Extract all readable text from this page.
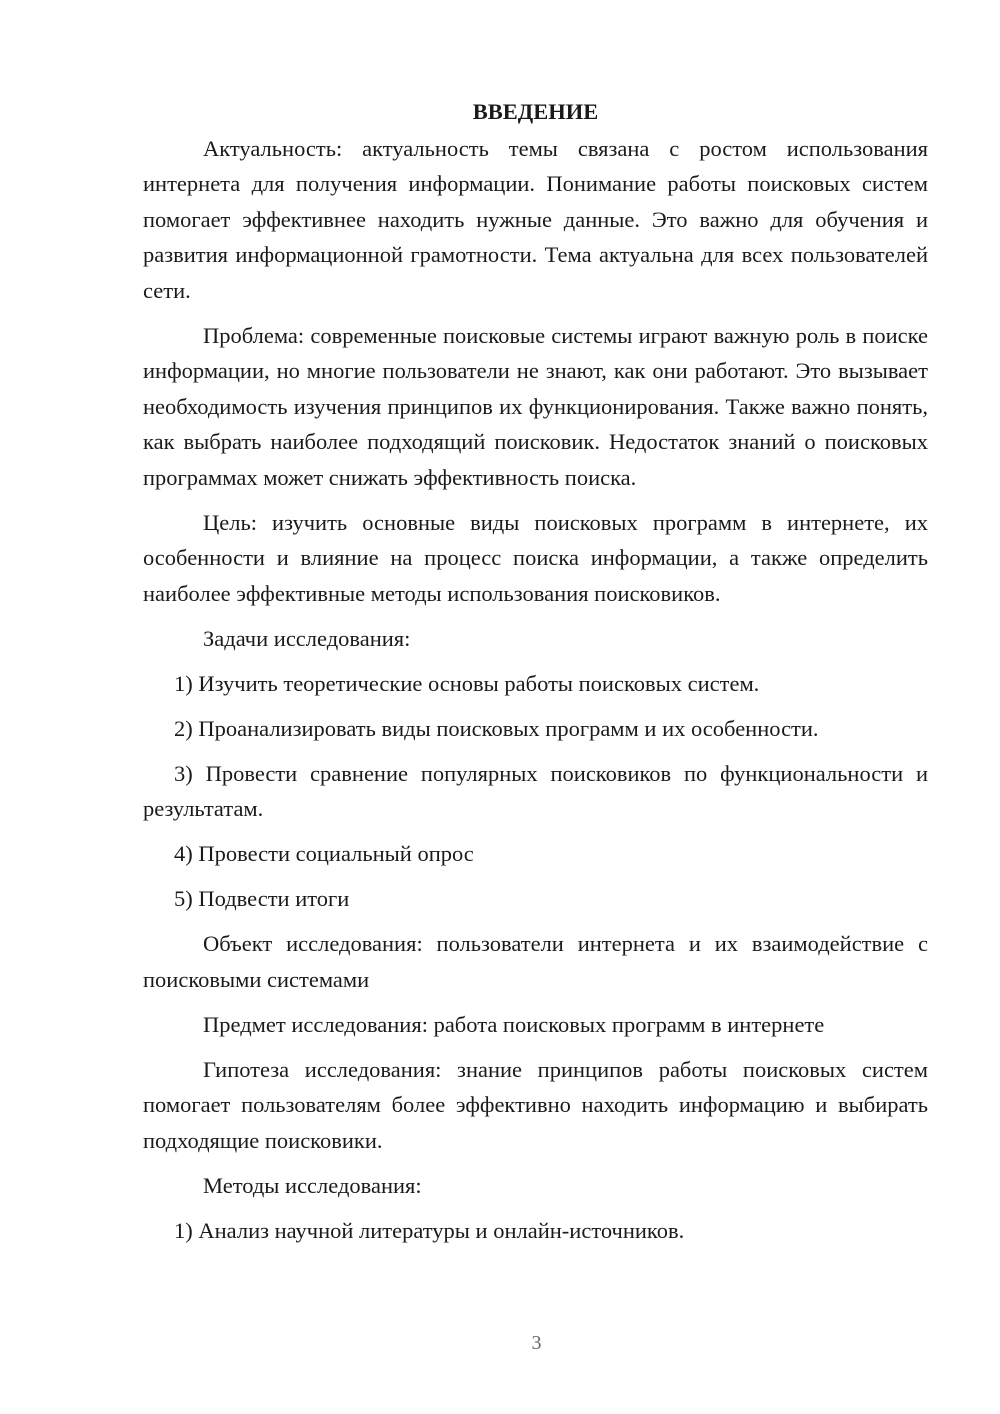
ВВЕДЕНИЕ

Актуальность: актуальность темы связана с ростом использования интернета для получения информации. Понимание работы поисковых систем помогает эффективнее находить нужные данные. Это важно для обучения и развития информационной грамотности. Тема актуальна для всех пользователей сети.

Проблема: современные поисковые системы играют важную роль в поиске информации, но многие пользователи не знают, как они работают. Это вызывает необходимость изучения принципов их функционирования. Также важно понять, как выбрать наиболее подходящий поисковик. Недостаток знаний о поисковых программах может снижать эффективность поиска.

Цель: изучить основные виды поисковых программ в интернете, их особенности и влияние на процесс поиска информации, а также определить наиболее эффективные методы использования поисковиков.

Задачи исследования:

1) Изучить теоретические основы работы поисковых систем.

2) Проанализировать виды поисковых программ и их особенности.

3) Провести сравнение популярных поисковиков по функциональности и результатам.

4) Провести социальный опрос

5) Подвести итоги

Объект исследования: пользователи интернета и их взаимодействие с поисковыми системами

Предмет исследования: работа поисковых программ в интернете

Гипотеза исследования: знание принципов работы поисковых систем помогает пользователям более эффективно находить информацию и выбирать подходящие поисковики.

Методы исследования:

1) Анализ научной литературы и онлайн-источников.

3
